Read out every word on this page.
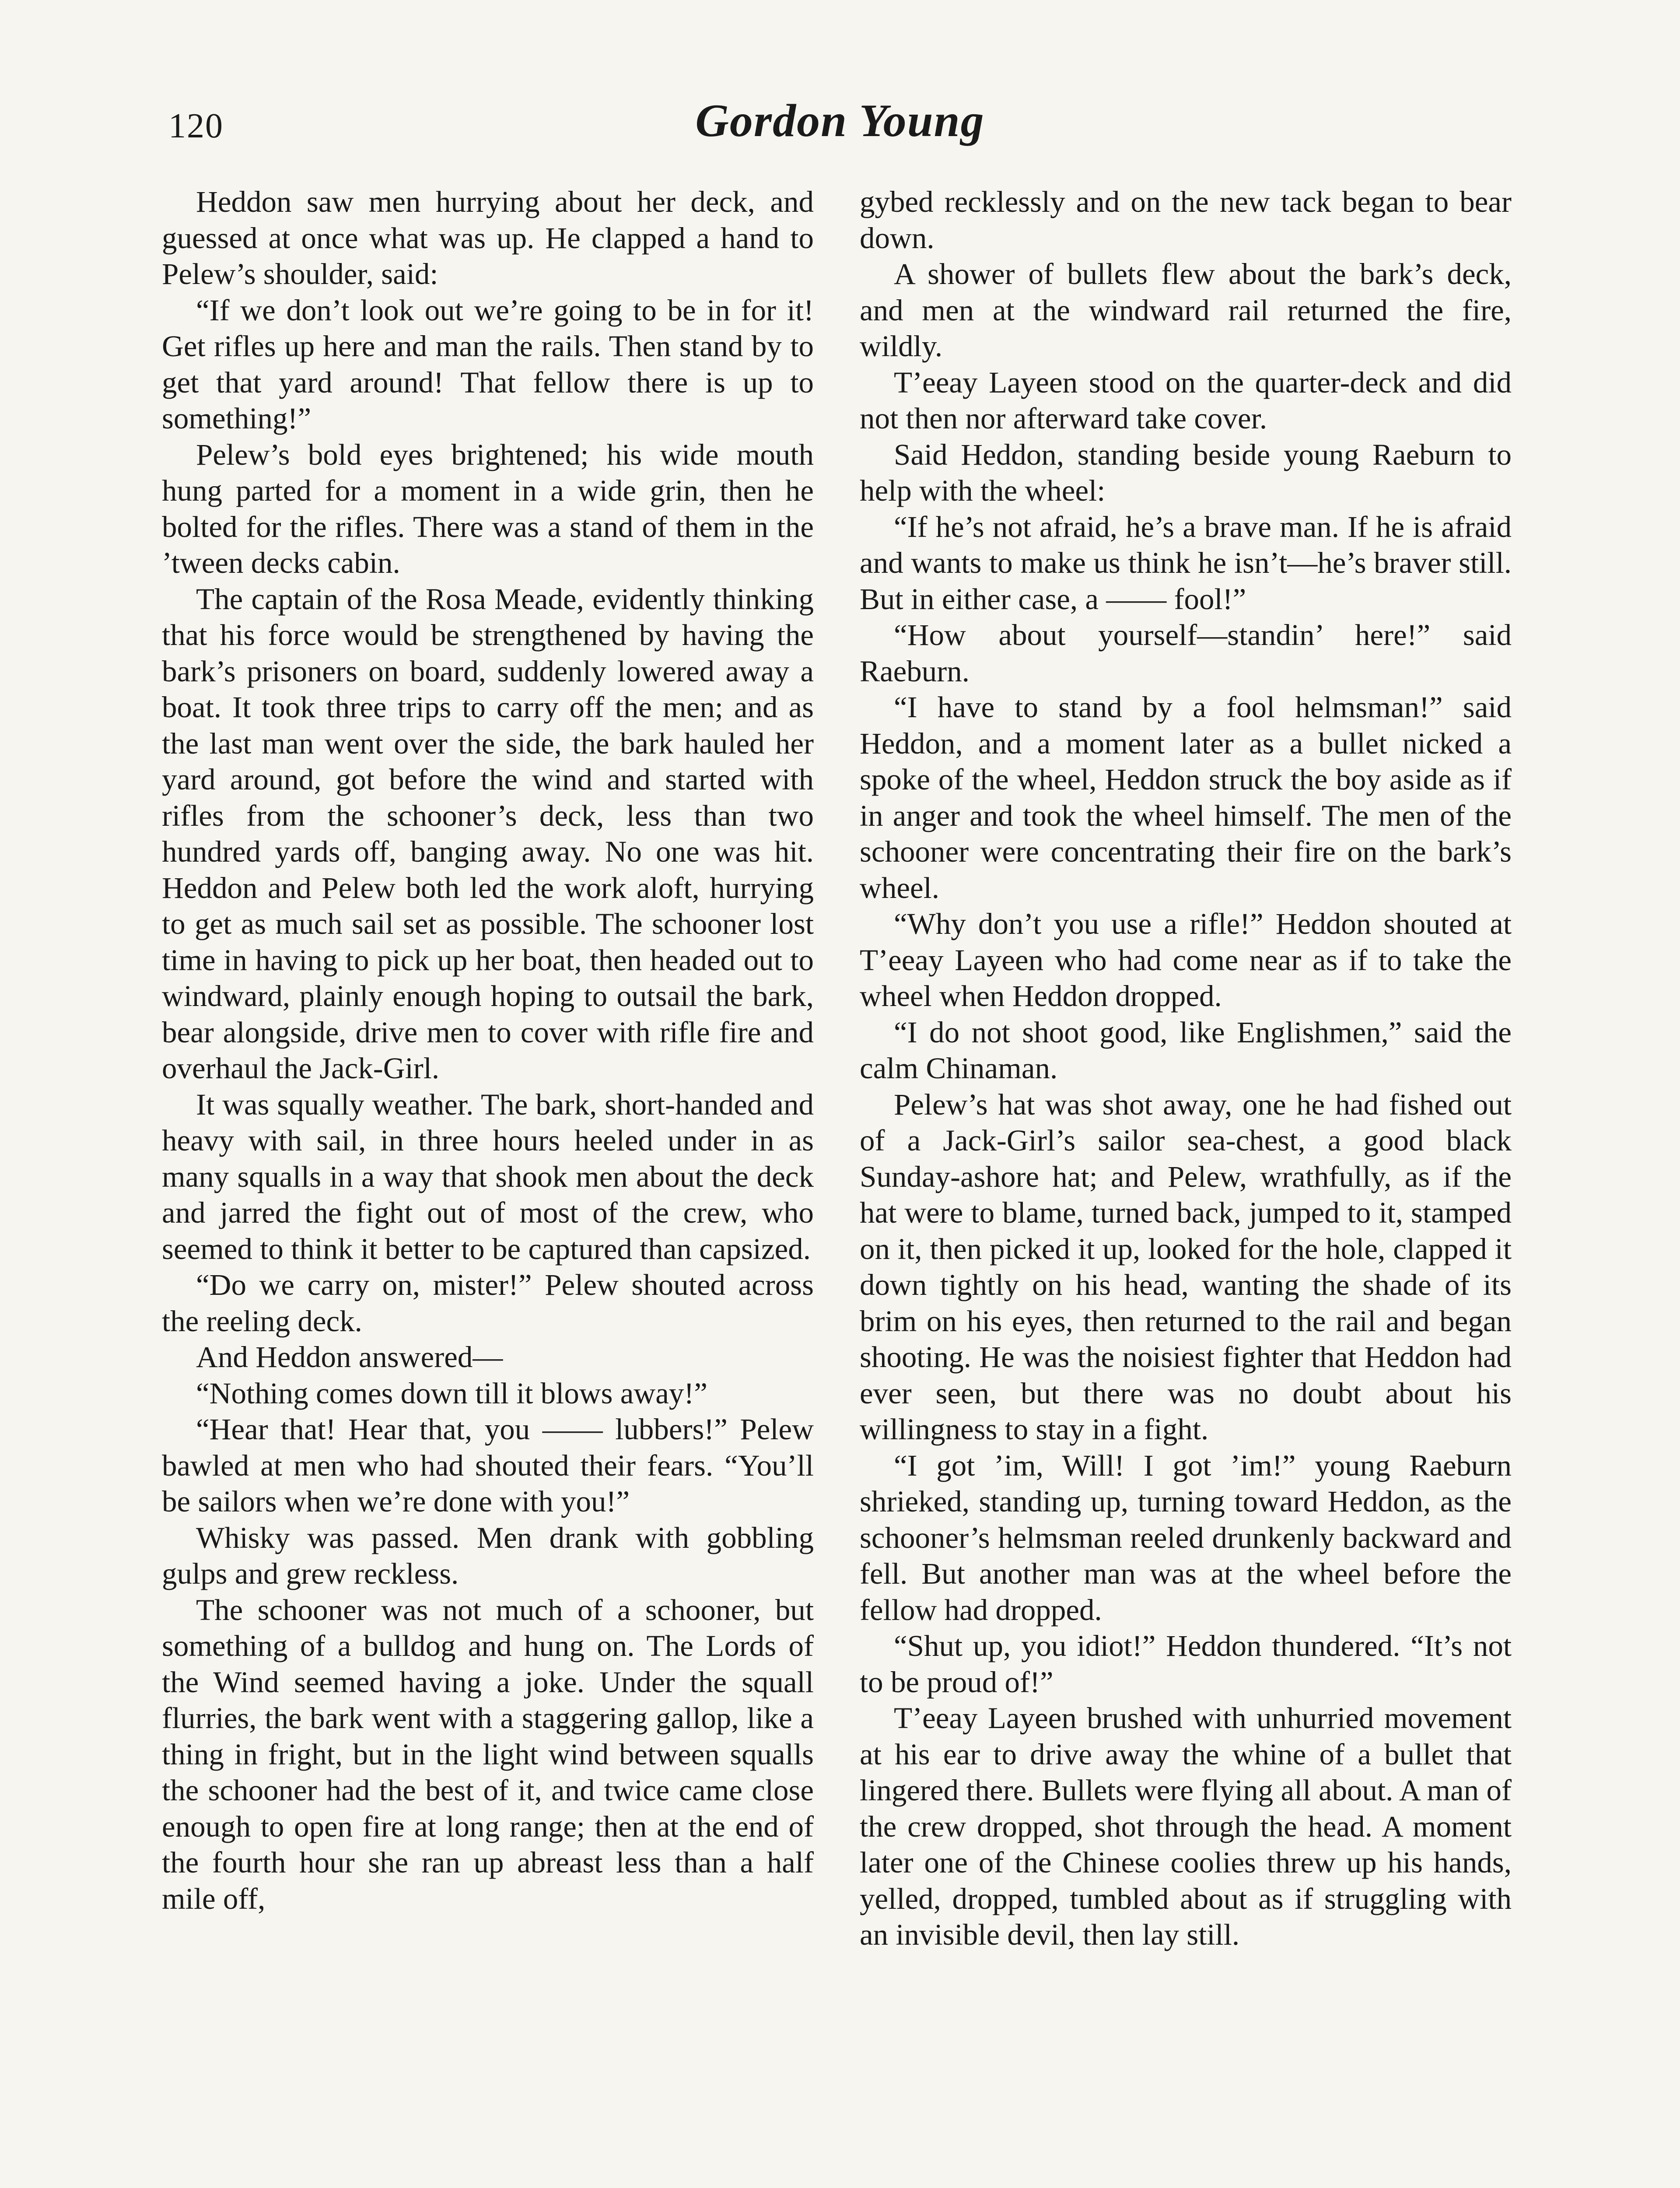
120	Gordon Young

Heddon saw men hurrying about her deck, and guessed at once what was up. He clapped a hand to Pelew’s shoulder, said:

“If we don’t look out we’re going to be in for it! Get rifles up here and man the rails. Then stand by to get that yard around! That fellow there is up to something!”

Pelew’s bold eyes brightened; his wide mouth hung parted for a moment in a wide grin, then he bolted for the rifles. There was a stand of them in the ’tween decks cabin.

The captain of the Rosa Meade, evidently thinking that his force would be strengthened by having the bark’s prisoners on board, suddenly lowered away a boat. It took three trips to carry off the men; and as the last man went over the side, the bark hauled her yard around, got before the wind and started with rifles from the schooner’s deck, less than two hundred yards off, banging away. No one was hit. Heddon and Pelew both led the work aloft, hurrying to get as much sail set as possible. The schooner lost time in having to pick up her boat, then headed out to windward, plainly enough hoping to outsail the bark, bear alongside, drive men to cover with rifle fire and overhaul the Jack-Girl.

It was squally weather. The bark, short-handed and heavy with sail, in three hours heeled under in as many squalls in a way that shook men about the deck and jarred the fight out of most of the crew, who seemed to think it better to be captured than capsized.

“Do we carry on, mister!” Pelew shouted across the reeling deck.

And Heddon answered—

“Nothing comes down till it blows away!”

“Hear that! Hear that, you —— lubbers!” Pelew bawled at men who had shouted their fears. “You’ll be sailors when we’re done with you!”

Whisky was passed. Men drank with gobbling gulps and grew reckless.

The schooner was not much of a schooner, but something of a bulldog and hung on. The Lords of the Wind seemed having a joke. Under the squall flurries, the bark went with a staggering gallop, like a thing in fright, but in the light wind between squalls the schooner had the best of it, and twice came close enough to open fire at long range; then at the end of the fourth hour she ran up abreast less than a half mile off,

gybed recklessly and on the new tack began to bear down.

A shower of bullets flew about the bark’s deck, and men at the windward rail returned the fire, wildly.

T’eeay Layeen stood on the quarter-deck and did not then nor afterward take cover.

Said Heddon, standing beside young Raeburn to help with the wheel:

“If he’s not afraid, he’s a brave man. If he is afraid and wants to make us think he isn’t—he’s braver still. But in either case, a —— fool!”

“How about yourself—standin’ here!” said Raeburn.

“I have to stand by a fool helmsman!” said Heddon, and a moment later as a bullet nicked a spoke of the wheel, Heddon struck the boy aside as if in anger and took the wheel himself. The men of the schooner were concentrating their fire on the bark’s wheel.

“Why don’t you use a rifle!” Heddon shouted at T’eeay Layeen who had come near as if to take the wheel when Heddon dropped.

“I do not shoot good, like Englishmen,” said the calm Chinaman.

Pelew’s hat was shot away, one he had fished out of a Jack-Girl’s sailor sea-chest, a good black Sunday-ashore hat; and Pelew, wrathfully, as if the hat were to blame, turned back, jumped to it, stamped on it, then picked it up, looked for the hole, clapped it down tightly on his head, wanting the shade of its brim on his eyes, then returned to the rail and began shooting. He was the noisiest fighter that Heddon had ever seen, but there was no doubt about his willingness to stay in a fight.

“I got ’im, Will! I got ’im!” young Raeburn shrieked, standing up, turning toward Heddon, as the schooner’s helmsman reeled drunkenly backward and fell. But another man was at the wheel before the fellow had dropped.

“Shut up, you idiot!” Heddon thundered. “It’s not to be proud of!”

T’eeay Layeen brushed with unhurried movement at his ear to drive away the whine of a bullet that lingered there. Bullets were flying all about. A man of the crew dropped, shot through the head. A moment later one of the Chinese coolies threw up his hands, yelled, dropped, tumbled about as if struggling with an invisible devil, then lay still.
